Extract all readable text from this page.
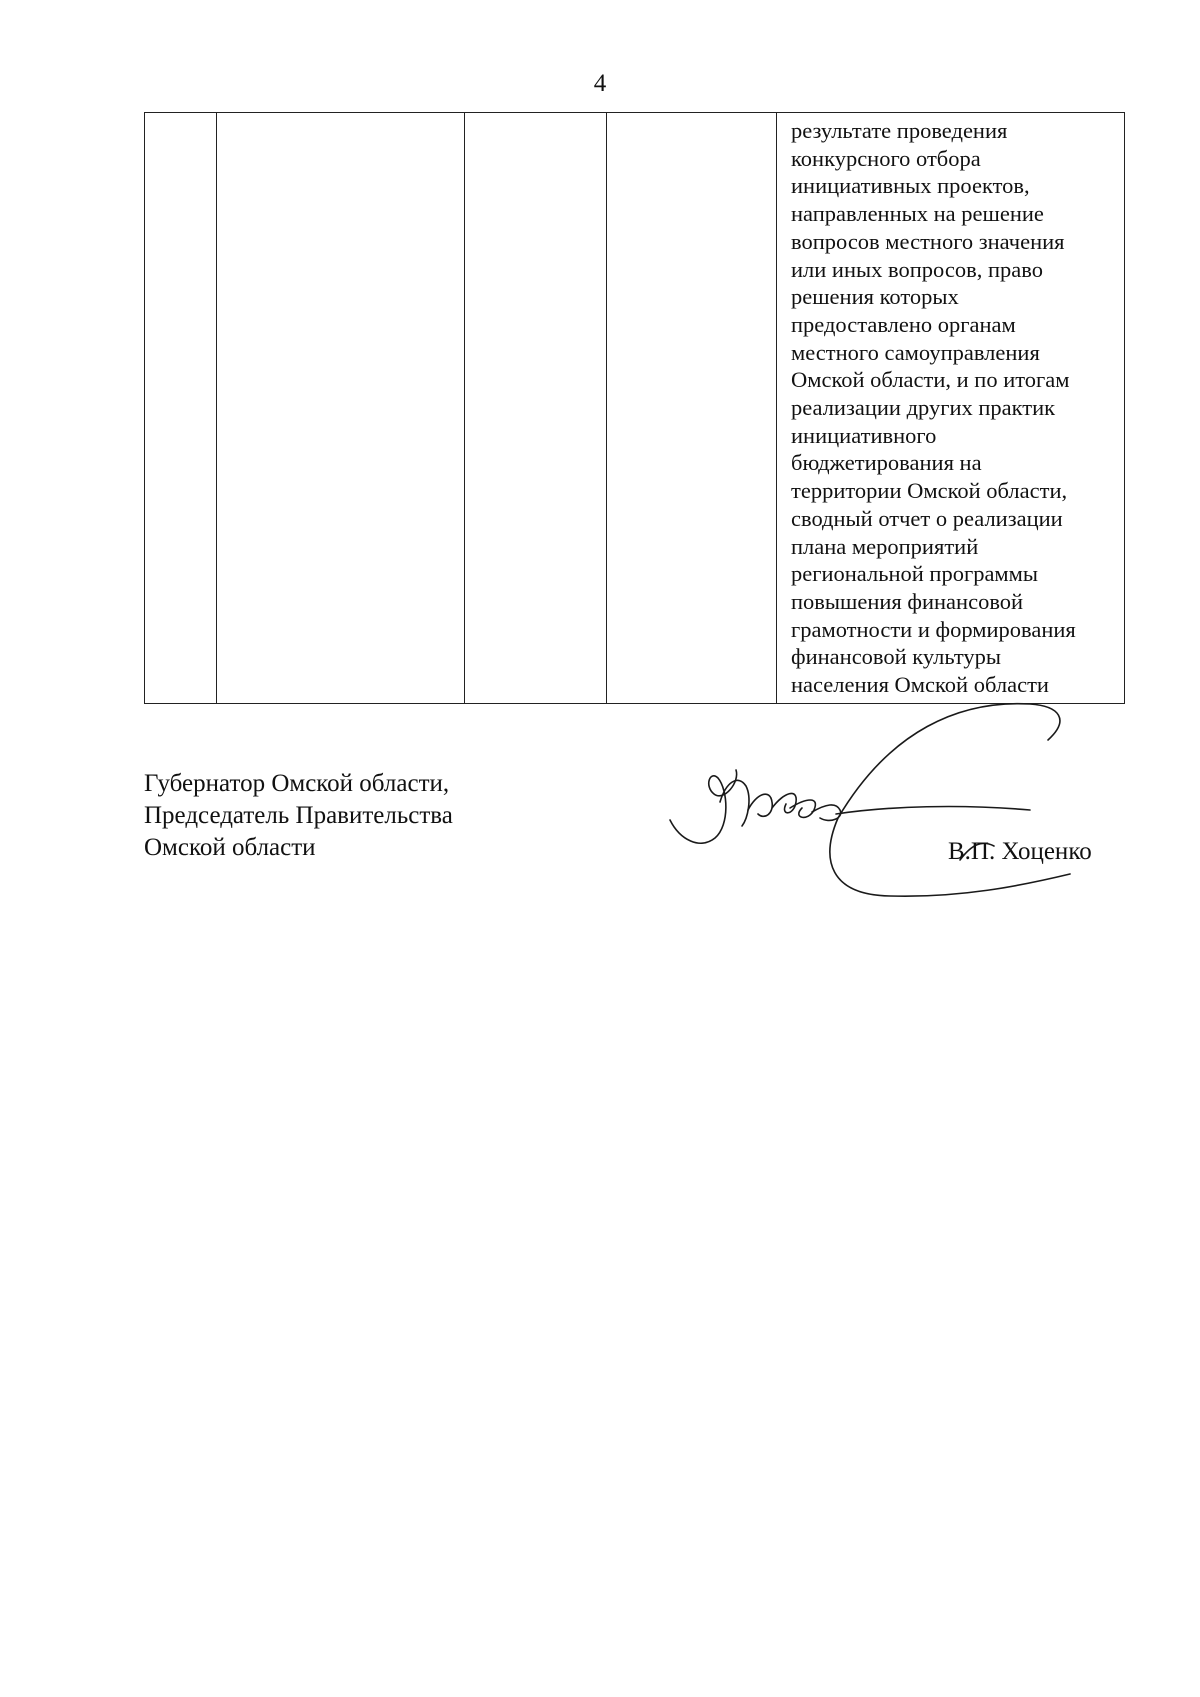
4
				результате проведения
конкурсного отбора
инициативных проектов,
направленных на решение
вопросов местного значения
или иных вопросов, право
решения которых
предоставлено органам
местного самоуправления
Омской области, и по итогам
реализации других практик
инициативного
бюджетирования на
территории Омской области,
сводный отчет о реализации
плана мероприятий
региональной программы
повышения финансовой
грамотности и формирования
финансовой культуры
населения Омской области
Губернатор Омской области,
Председатель Правительства
Омской области	В.П. Хоценко
